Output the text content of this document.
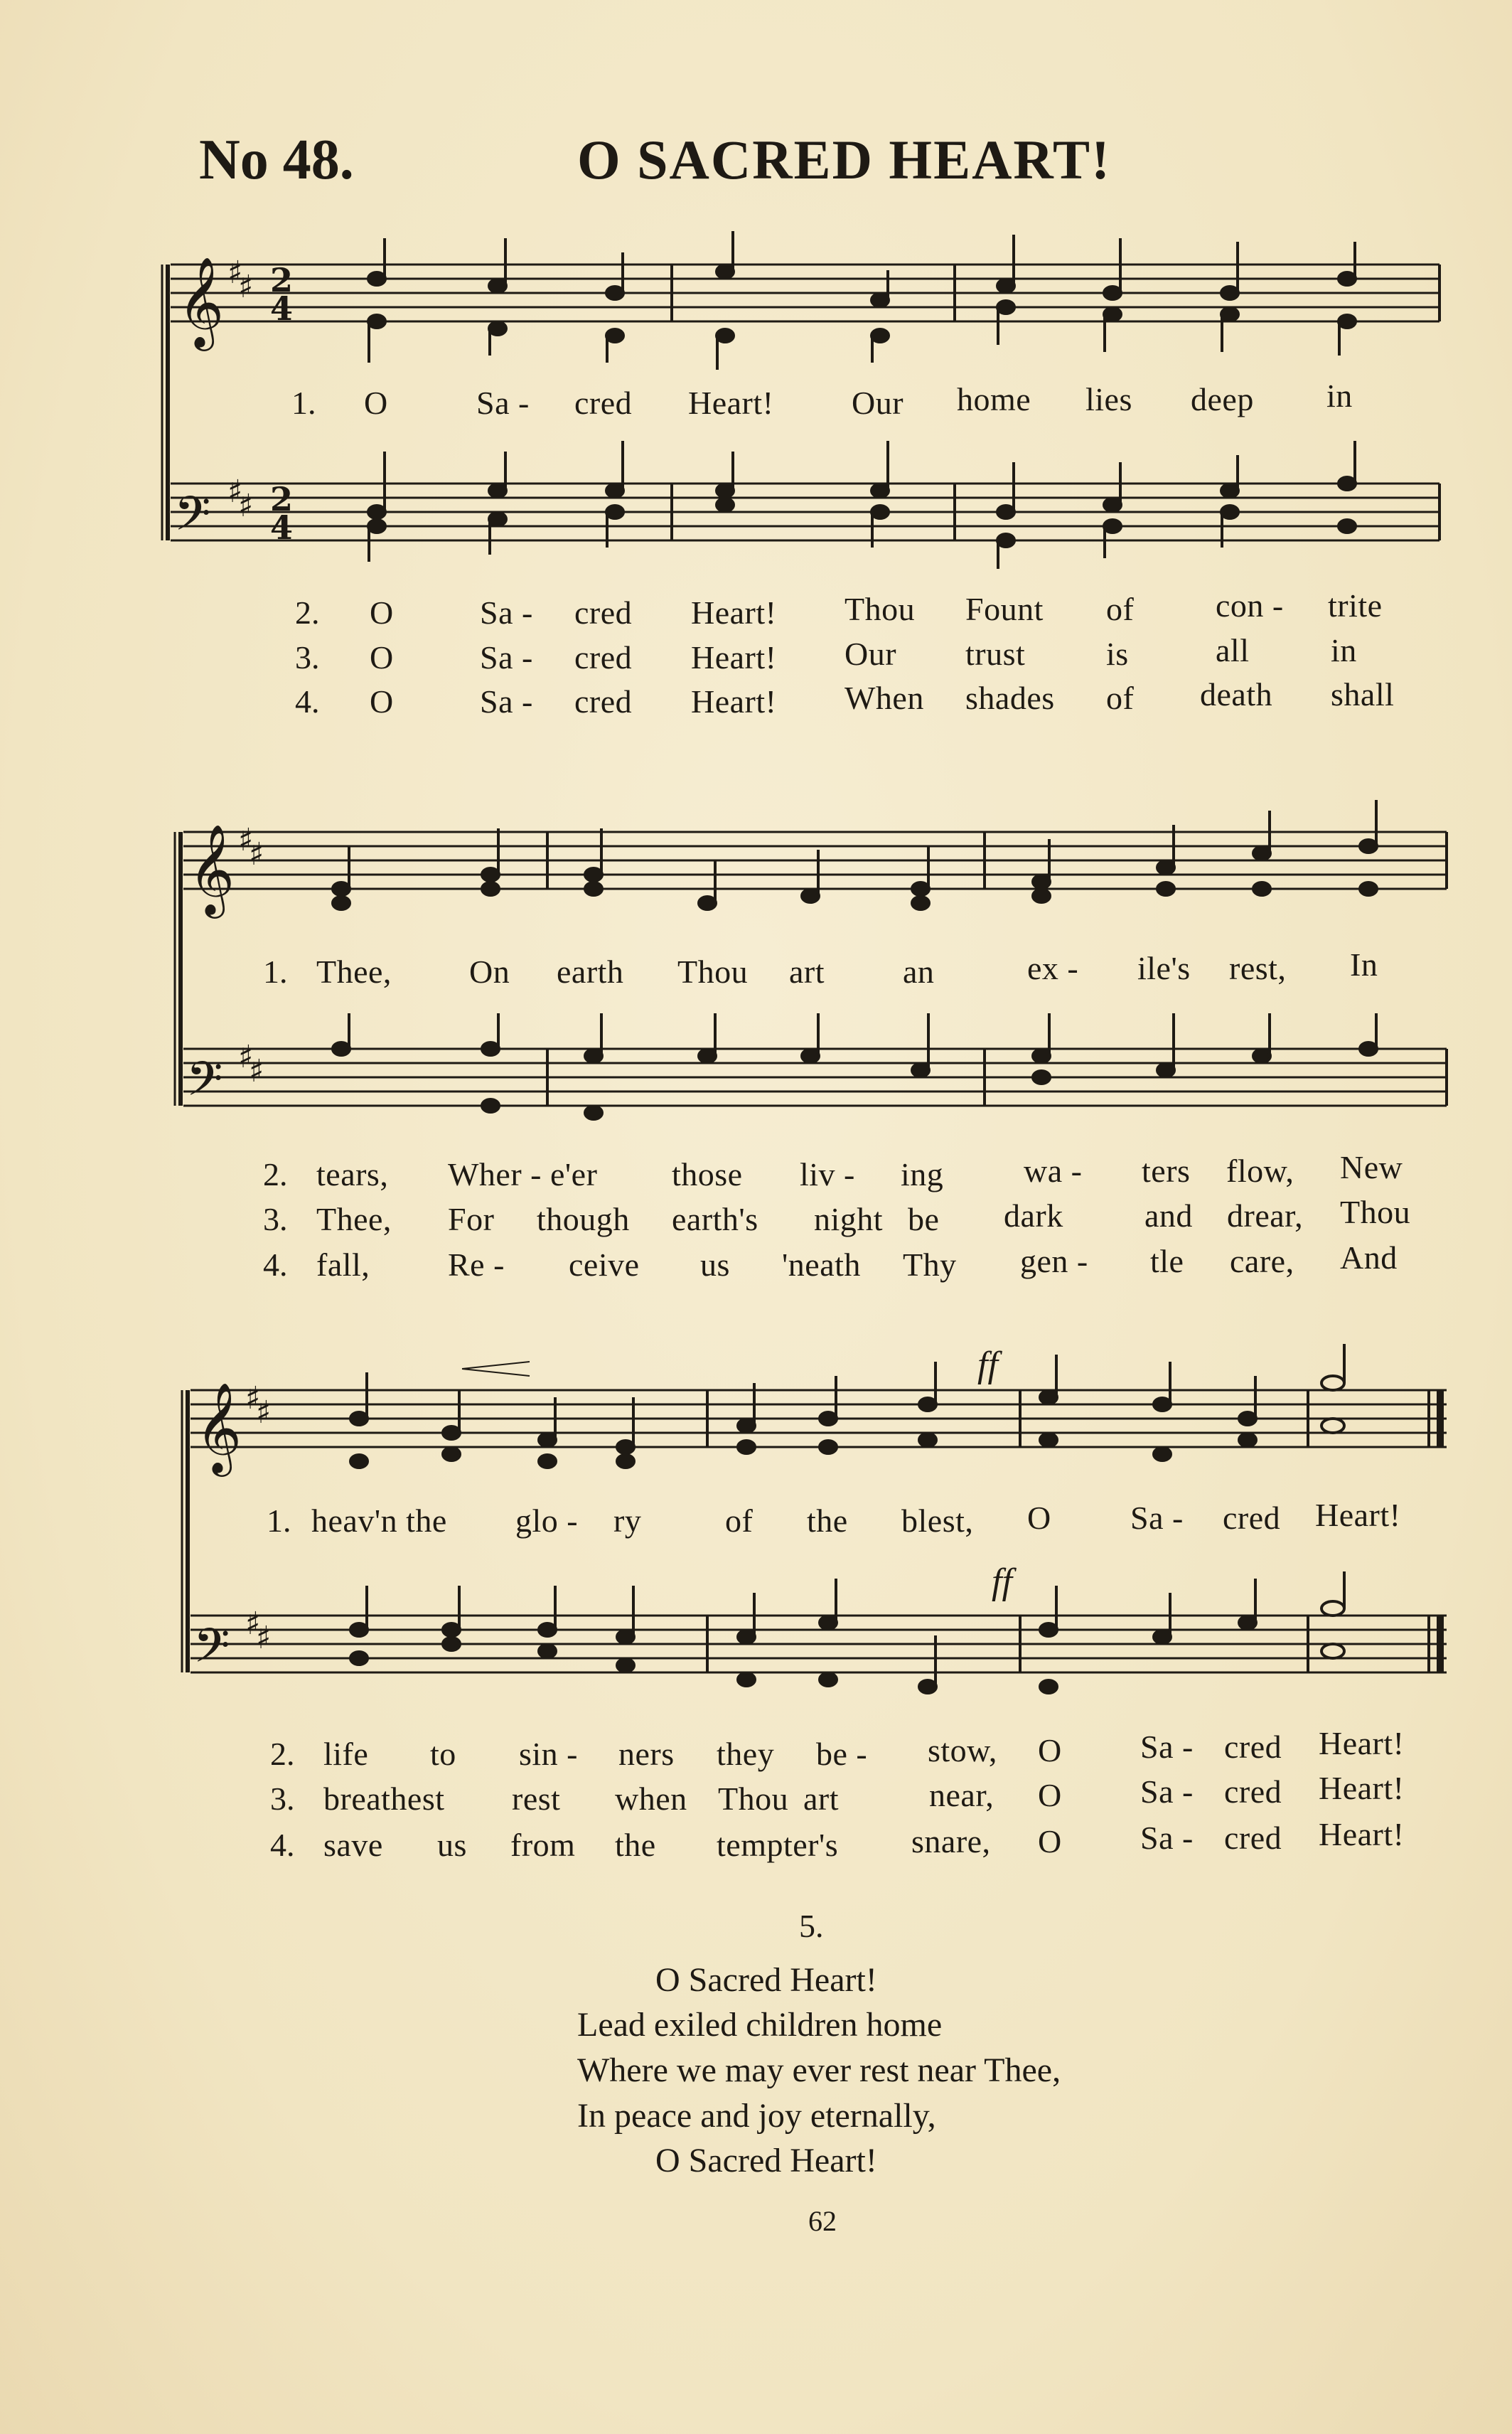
No 48.	O SACRED HEART!
𝄞
𝄢
♯
♯
♯
♯
2
4
2
4
1. O	Sa - cred Heart! Our home lies deep in
2. O	Sa - cred Heart! Thou Fount of con - trite
3. O	Sa - cred Heart! Our trust is	all in
4. O	Sa - cred Heart! When shades of death shall
𝄞
𝄢
♯
♯
♯
♯
1. Thee, On earth Thou art an	ex - ile's rest, In
2. tears, Wher - e'er those liv - ing wa - ters flow, New
3. Thee, For though earth's night be dark and drear, Thou
4. fall, Re - ceive us 'neath Thy gen - tle care, And
𝄞
𝄢
♯
♯
♯
♯
ff
ff
1. heav'n the glo - ry	of the blest, O Sa - cred Heart!
2. life to sin - ners they be - stow, O Sa - cred Heart!
3. breathest rest when Thou art	near, O Sa - cred Heart!
4. save us from the tempter's snare, O Sa - cred Heart!
5.
O Sacred Heart!
Lead exiled children home
Where we may ever rest near Thee,
In peace and joy eternally,
O Sacred Heart!
62
